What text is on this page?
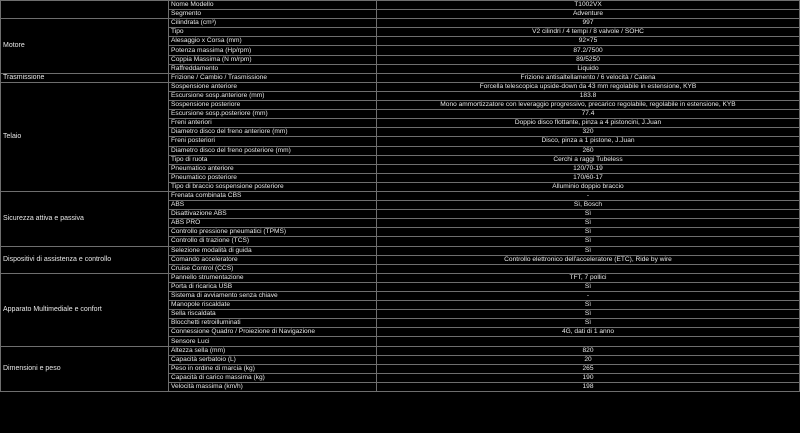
	Nome Modello	T1002VX
	Segmento	Adventure
Motore	Cilindrata (cm³)	997
	Tipo	V2 cilindri / 4 tempi / 8 valvole / SOHC
	Alesaggio x Corsa (mm)	92×75
	Potenza massima (Hp/rpm)	87.2/7500
	Coppia Massima (N m/rpm)	89/5250
	Raffreddamento	Liquido
Trasmissione	Frizione / Cambio / Trasmissione	Frizione antisaltellamento / 6 velocità / Catena
Telaio	Sospensione anteriore	Forcella telescopica upside-down da 43 mm regolabile in estensione, KYB
	Escursione sosp.anteriore (mm)	183.8
	Sospensione posteriore	Mono ammortizzatore con leveraggio progressivo, precarico regolabile, regolabile in estensione, KYB
	Escursione sosp.posteriore (mm)	77.4
	Freni anteriori	Doppio disco flottante, pinza a 4 pistoncini, J.Juan
	Diametro disco del freno anteriore (mm)	320
	Freni posteriori	Disco, pinza a 1 pistone, J.Juan
	Diametro disco del freno posteriore (mm)	260
	Tipo di ruota	Cerchi a raggi Tubeless
	Pneumatico anteriore	120/70-19
	Pneumatico posteriore	170/60-17
	Tipo di braccio sospensione posteriore	Alluminio doppio braccio
Sicurezza attiva e passiva	Frenata combinata CBS	-
	ABS	Sì, Bosch
	Disattivazione ABS	Sì
	ABS PRO	Sì
	Controllo pressione pneumatici (TPMS)	Sì
	Controllo di trazione (TCS)	Sì
Dispositivi di assistenza e controllo	Selezione modalità di guida	Sì
	Comando acceleratore	Controllo elettronico dell'acceleratore (ETC), Ride by wire
	Cruise Control (CCS)	
Apparato Multimediale e confort	Pannello strumentazione	TFT, 7 pollici
	Porta di ricarica USB	Sì
	Sistema di avviamento senza chiave	-
	Manopole riscaldate	Sì
	Sella riscaldata	Sì
	Blocchetti retroilluminati	Sì
	Connessione Quadro / Proiezione di Navigazione	4G, dati di 1 anno
	Sensore Luci	
Dimensioni e peso	Altezza sella (mm)	820
	Capacità serbatoio (L)	20
	Peso in ordine di marcia (kg)	265
	Capacità di carico massima (kg)	190
	Velocità massima (km/h)	198
